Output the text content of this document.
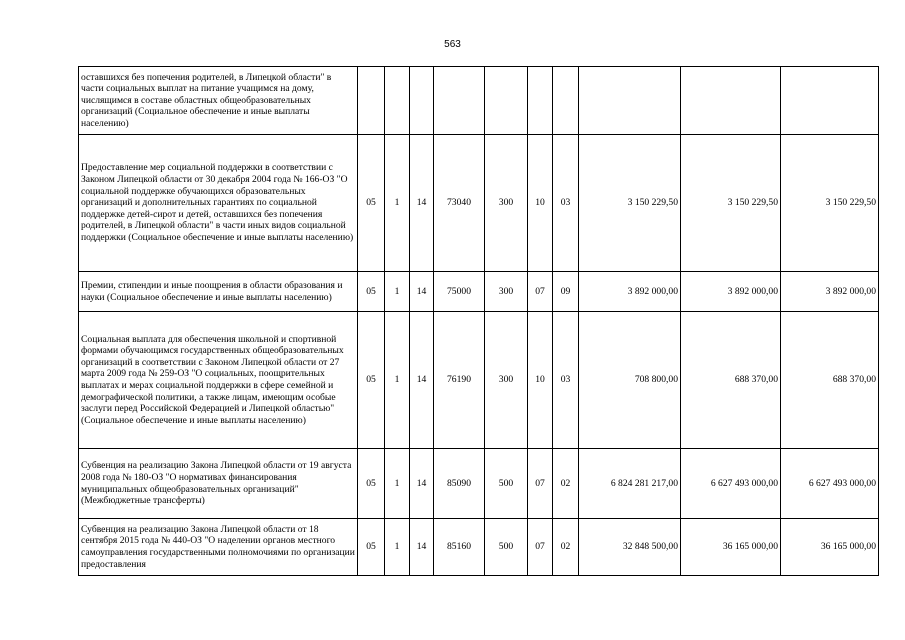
563
оставшихся без попечения родителей, в Липецкой области" в части социальных выплат на питание учащимся на дому, числящимся в составе областных общеобразовательных организаций (Социальное обеспечение и иные выплаты населению)										
Предоставление мер социальной поддержки в соответствии с Законом Липецкой области от 30 декабря 2004 года № 166-ОЗ "О социальной поддержке обучающихся образовательных организаций и дополнительных гарантиях по социальной поддержке детей-сирот и детей, оставшихся без попечения родителей, в Липецкой области" в части иных видов социальной поддержки (Социальное обеспечение и иные выплаты населению)	05	1	14	73040	300	10	03	3 150 229,50	3 150 229,50	3 150 229,50
Премии, стипендии и иные поощрения в области образования и науки (Социальное обеспечение и иные выплаты населению)	05	1	14	75000	300	07	09	3 892 000,00	3 892 000,00	3 892 000,00
Социальная выплата для обеспечения школьной и спортивной формами обучающимся государственных общеобразовательных организаций в соответствии с Законом Липецкой области от 27 марта 2009 года № 259-ОЗ "О социальных, поощрительных выплатах и мерах социальной поддержки в сфере семейной и демографической политики, а также лицам, имеющим особые заслуги перед Российской Федерацией и Липецкой областью" (Социальное обеспечение и иные выплаты населению)	05	1	14	76190	300	10	03	708 800,00	688 370,00	688 370,00
Субвенция на реализацию Закона Липецкой области от 19 августа 2008 года № 180-ОЗ "О нормативах финансирования муниципальных общеобразовательных организаций" (Межбюджетные трансферты)	05	1	14	85090	500	07	02	6 824 281 217,00	6 627 493 000,00	6 627 493 000,00
Субвенция на реализацию Закона Липецкой области от 18 сентября 2015 года № 440-ОЗ "О наделении органов местного самоуправления государственными полномочиями по организации предоставления	05	1	14	85160	500	07	02	32 848 500,00	36 165 000,00	36 165 000,00
